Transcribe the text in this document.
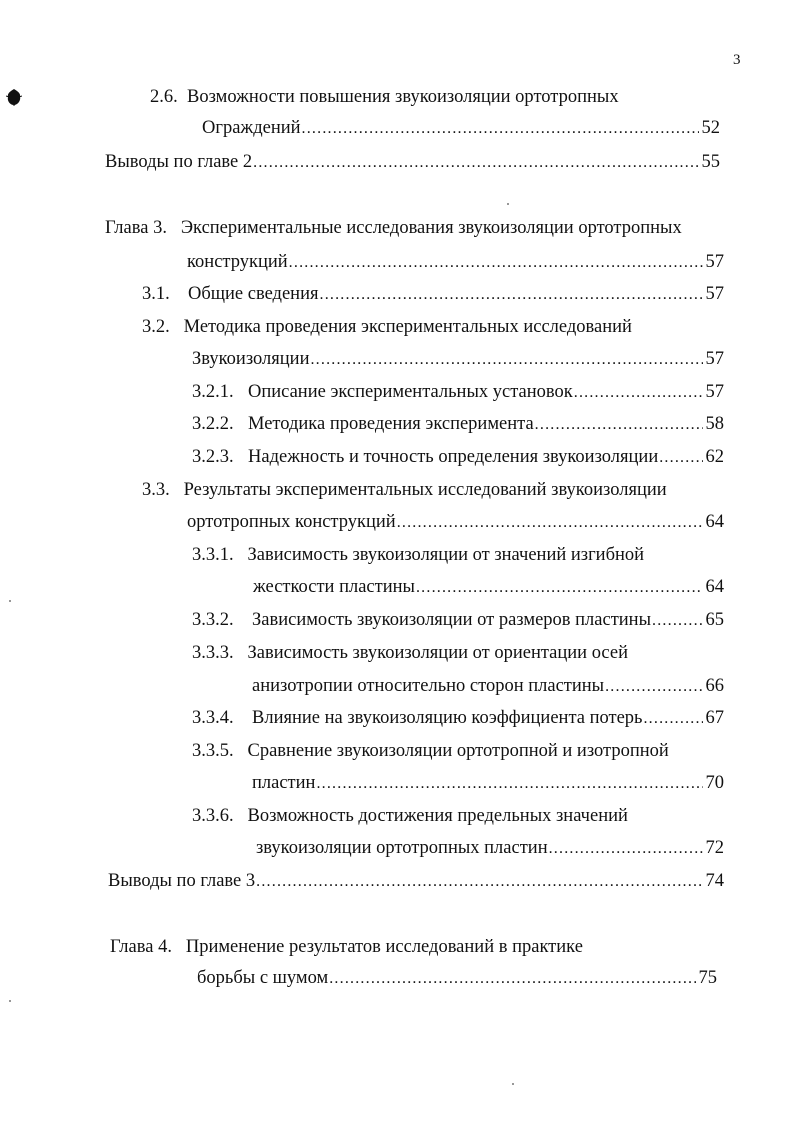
3
2.6. Возможности повышения звукоизоляции ортотропных
Ограждений .....	52
Выводы по главе 2 .....	55
Глава 3. Экспериментальные исследования звукоизоляции ортотропных
конструкций .....	57
3.1. Общие сведения .....	57
3.2. Методика проведения экспериментальных исследований
Звукоизоляции .....	57
3.2.1. Описание экспериментальных установок .....	57
3.2.2. Методика проведения эксперимента .....	58
3.2.3. Надежность и точность определения звукоизоляции .....	62
3.3. Результаты экспериментальных исследований звукоизоляции
ортотропных конструкций .....	64
3.3.1. Зависимость звукоизоляции от значений изгибной
жесткости пластины .....	64
3.3.2. Зависимость звукоизоляции от размеров пластины .....	65
3.3.3. Зависимость звукоизоляции от ориентации осей
анизотропии относительно сторон пластины .....	66
3.3.4. Влияние на звукоизоляцию коэффициента потерь .....	67
3.3.5. Сравнение звукоизоляции ортотропной и изотропной
пластин .....	70
3.3.6. Возможность достижения предельных значений
звукоизоляции ортотропных пластин .....	72
Выводы по главе 3 .....	74
Глава 4. Применение результатов исследований в практике
борьбы с шумом .....	75
